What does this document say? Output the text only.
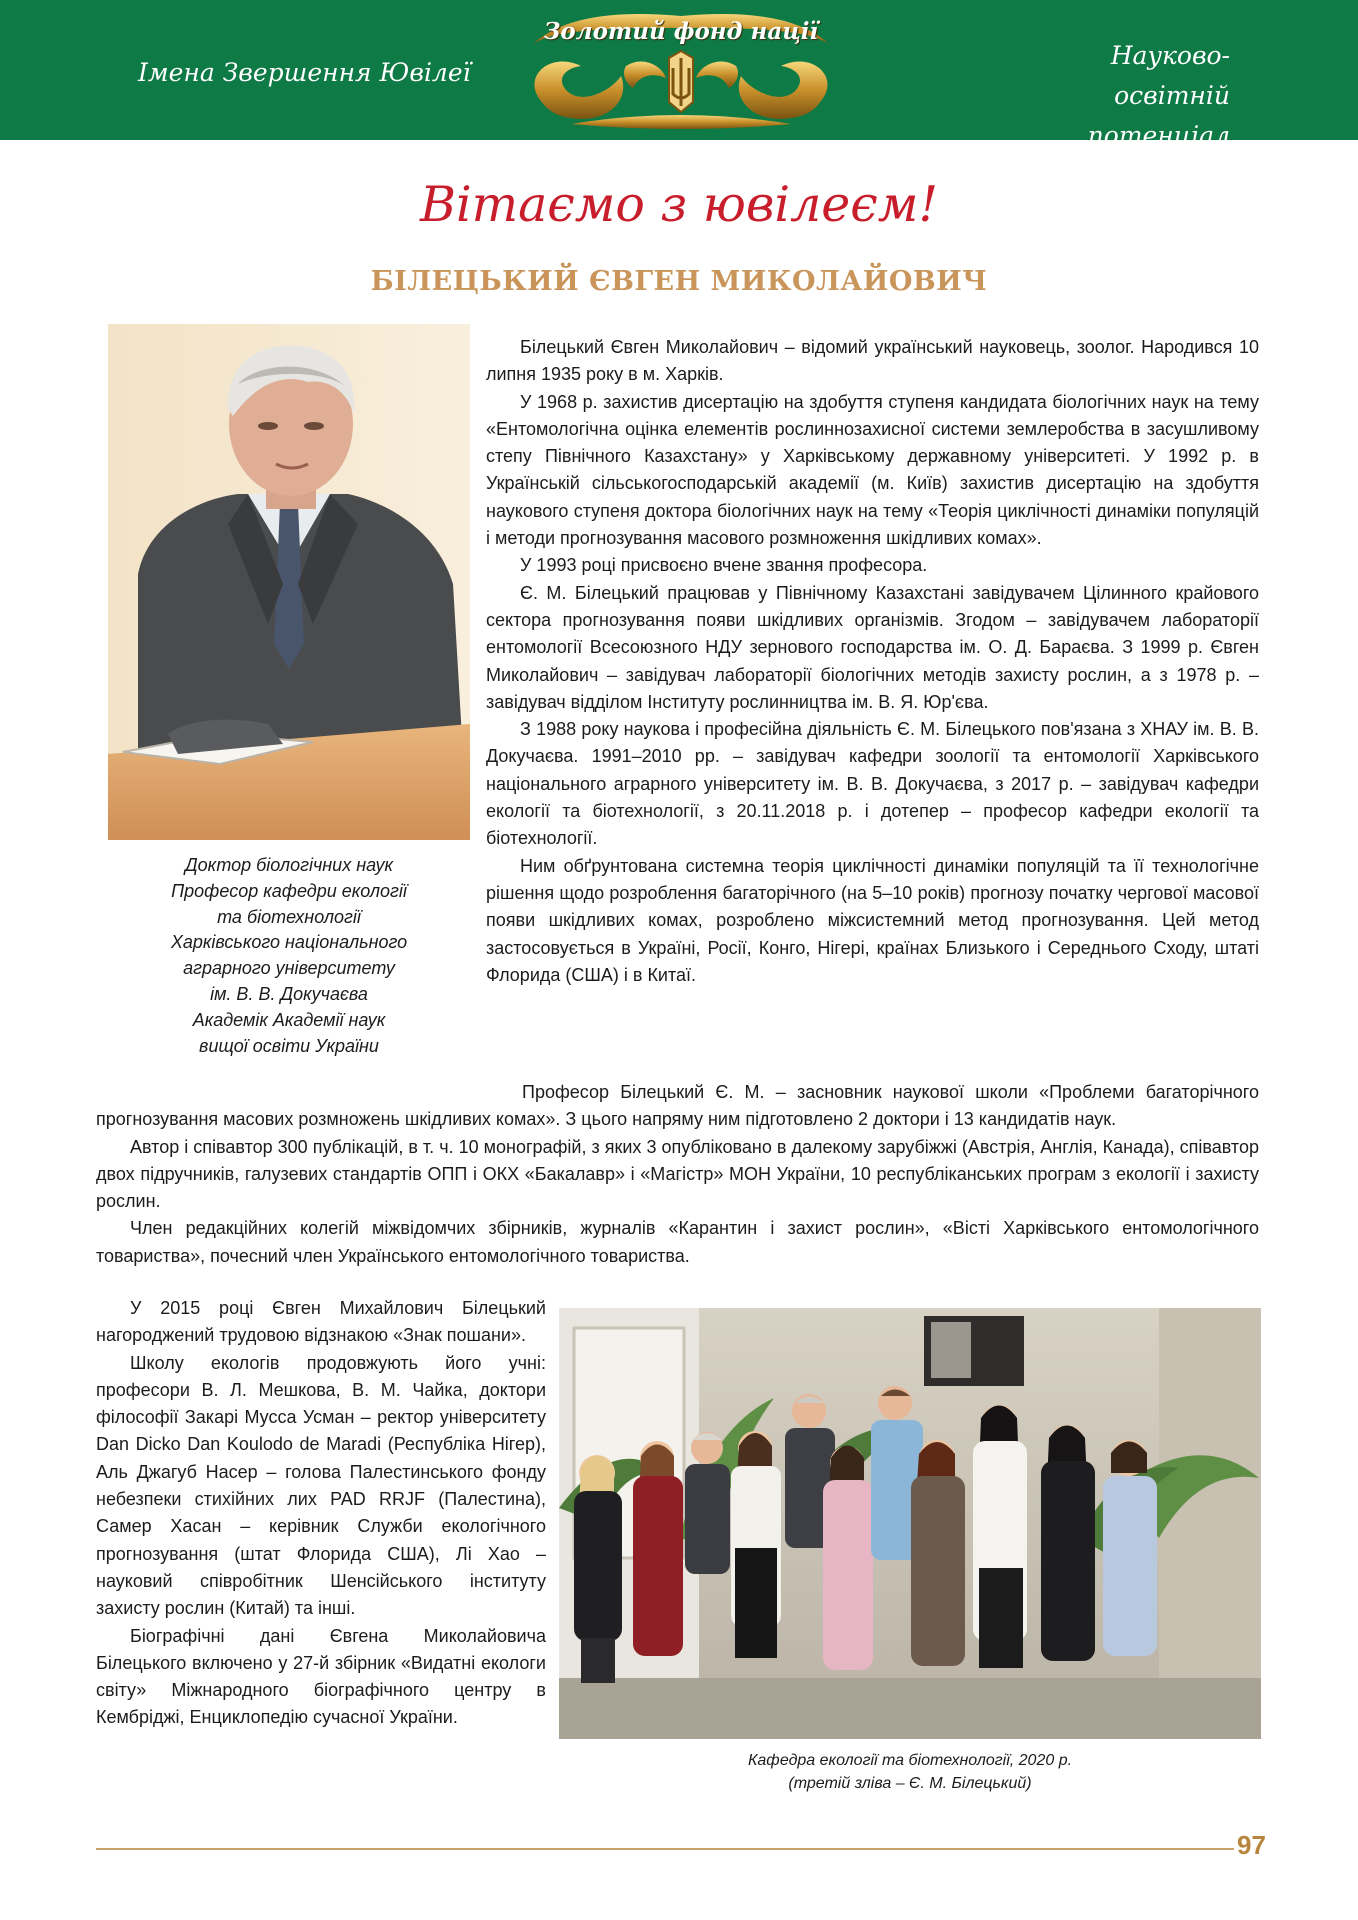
Імена Звершення Ювілеї
Золотий фонд нації
Науково-освітній
потенціал України
Вітаємо з ювілеєм!
БІЛЕЦЬКИЙ ЄВГЕН МИКОЛАЙОВИЧ
Доктор біологічних наук
Професор кафедри екології
та біотехнології
Харківського національного
аграрного університету
ім. В. В. Докучаєва
Академік Академії наук
вищої освіти України

Білецький Євген Миколайович – відомий український науковець, зоолог. Народився 10 липня 1935 року в м. Харків.

У 1968 р. захистив дисертацію на здобуття ступеня кандидата біологічних наук на тему «Ентомологічна оцінка елементів рослиннозахисної системи землеробства в засушливому степу Північного Казахстану» у Харківському державному університеті. У 1992 р. в Українській сільськогосподарській академії (м. Київ) захистив дисертацію на здобуття наукового ступеня доктора біологічних наук на тему «Теорія циклічності динаміки популяцій і методи прогнозування масового розмноження шкідливих комах».

У 1993 році присвоєно вчене звання професора.

Є. М. Білецький працював у Північному Казахстані завідувачем Цілинного крайового сектора прогнозування появи шкідливих організмів. Згодом – завідувачем лабораторії ентомології Всесоюзного НДУ зернового господарства ім. О. Д. Бараєва. З 1999 р. Євген Миколайович – завідувач лабораторії біологічних методів захисту рослин, а з 1978 р. – завідувач відділом Інституту рослинництва ім. В. Я. Юр'єва.

З 1988 року наукова і професійна діяльність Є. М. Білецького пов'язана з ХНАУ ім. В. В. Докучаєва. 1991–2010 рр. – завідувач кафедри зоології та ентомології Харківського національного аграрного університету ім. В. В. Докучаєва, з 2017 р. – завідувач кафедри екології та біотехнології, з 20.11.2018 р. і дотепер – професор кафедри екології та біотехнології.

Ним обґрунтована системна теорія циклічності динаміки популяцій та її технологічне рішення щодо розроблення багаторічного (на 5–10 років) прогнозу початку чергової масової появи шкідливих комах, розроблено міжсистемний метод прогнозування. Цей метод застосовується в Україні, Росії, Конго, Нігері, країнах Близького і Середнього Сходу, штаті Флорида (США) і в Китаї.

Професор Білецький Є. М. – засновник наукової школи «Проблеми багаторічного прогнозування масових розмножень шкідливих комах». З цього напряму ним підготовлено 2 доктори і 13 кандидатів наук.

Автор і співавтор 300 публікацій, в т. ч. 10 монографій, з яких 3 опубліковано в далекому зарубіжжі (Австрія, Англія, Канада), співавтор двох підручників, галузевих стандартів ОПП і ОКХ «Бакалавр» і «Магістр» МОН України, 10 республіканських програм з екології і захисту рослин.

Член редакційних колегій міжвідомчих збірників, журналів «Карантин і захист рослин», «Вісті Харківського ентомологічного товариства», почесний член Українського ентомологічного товариства.

У 2015 році Євген Михайлович Білецький нагороджений трудовою відзнакою «Знак пошани».

Школу екологів продовжують його учні: професори В. Л. Мешкова, В. М. Чайка, доктори філософії Закарі Мусса Усман – ректор університету Dan Dicko Dan Koulodo de Maradi (Республіка Нігер), Аль Джагуб Насер – голова Палестинського фонду небезпеки стихійних лих PAD RRJF (Палестина), Самер Хасан – керівник Служби екологічного прогнозування (штат Флорида США), Лі Хао – науковий співробітник Шенсійського інституту захисту рослин (Китай) та інші.

Біографічні дані Євгена Миколайовича Білецького включено у 27-й збірник «Видатні екологи світу» Міжнародного біографічного центру в Кембріджі, Енциклопедію сучасної України.

Кафедра екології та біотехнології, 2020 р.
(третій зліва – Є. М. Білецький)
97
